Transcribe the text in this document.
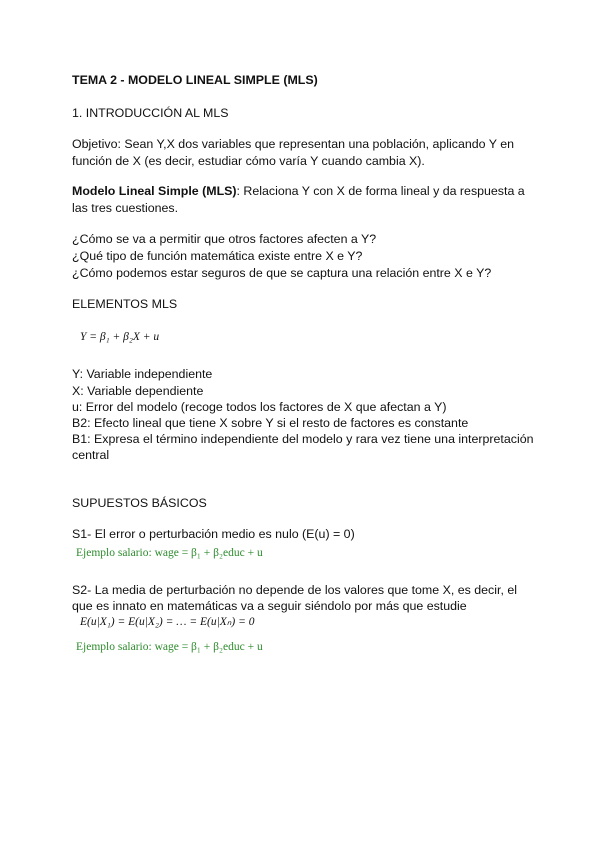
TEMA 2 - MODELO LINEAL SIMPLE (MLS)
1. INTRODUCCIÓN AL MLS
Objetivo: Sean Y,X dos variables que representan una población, aplicando Y en
función de X (es decir, estudiar cómo varía Y cuando cambia X).
Modelo Lineal Simple (MLS): Relaciona Y con X de forma lineal y da respuesta a
las tres cuestiones.
¿Cómo se va a permitir que otros factores afecten a Y?
¿Qué tipo de función matemática existe entre X e Y?
¿Cómo podemos estar seguros de que se captura una relación entre X e Y?
ELEMENTOS MLS
Y = β₁ + β₂X + u
Y: Variable independiente
X: Variable dependiente
u: Error del modelo (recoge todos los factores de X que afectan a Y)
B2: Efecto lineal que tiene X sobre Y si el resto de factores es constante
B1: Expresa el término independiente del modelo y rara vez tiene una interpretación
central
SUPUESTOS BÁSICOS
S1- El error o perturbación medio es nulo (E(u) = 0)
Ejemplo salario: wage = β₁ + β₂educ + u
S2- La media de perturbación no depende de los valores que tome X, es decir, el
que es innato en matemáticas va a seguir siéndolo por más que estudie
E(u|X₁) = E(u|X₂) = … = E(u|Xₙ) = 0
Ejemplo salario: wage = β₁ + β₂educ + u
